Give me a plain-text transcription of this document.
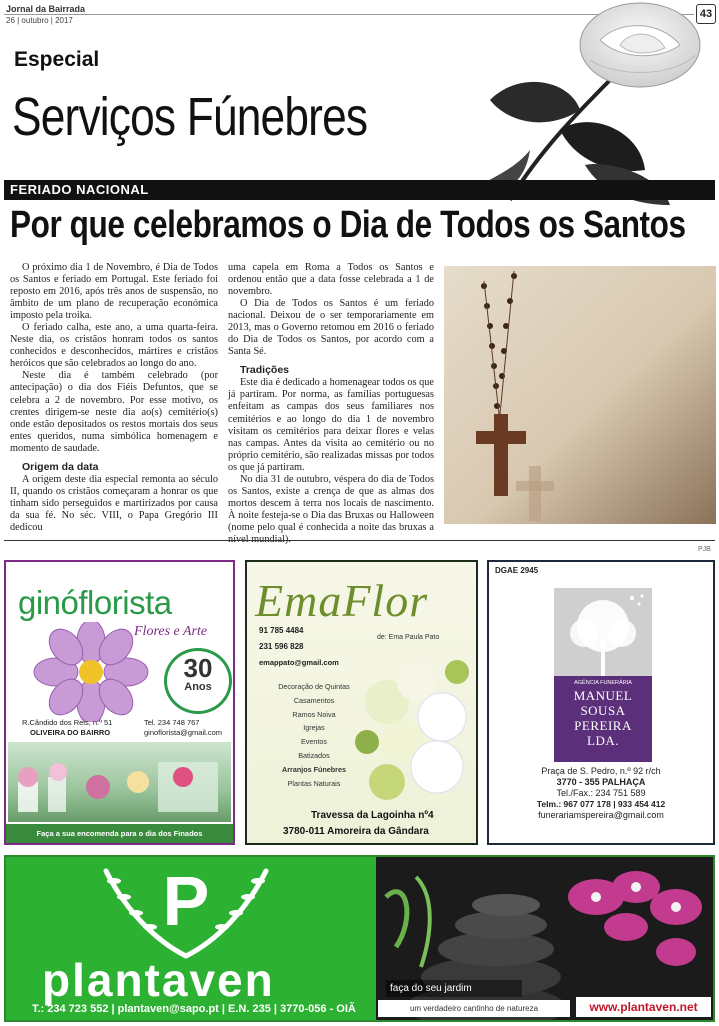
Jornal da Bairrada
26 | outubro | 2017
43
Especial
Serviços Fúnebres
FERIADO NACIONAL
Por que celebramos o Dia de Todos os Santos

O próximo dia 1 de Novembro, é Dia de Todos os Santos e feriado em Portugal. Este feriado foi reposto em 2016, após três anos de suspensão, no âmbito de um plano de recuperação económica imposto pela troika.

O feriado calha, este ano, a uma quarta-feira. Neste dia, os cristãos honram todos os santos conhecidos e desconhecidos, mártires e cristãos heróicos que são celebrados ao longo do ano.

Neste dia é também celebrado (por antecipação) o dia dos Fiéis Defuntos, que se celebra a 2 de novembro. Por esse motivo, os crentes dirigem-se neste dia ao(s) cemitério(s) onde estão depositados os restos mortais dos seus entes queridos, numa simbólica homenagem e momento de saudade.

Origem da data

A origem deste dia especial remonta ao século II, quando os cristãos começaram a honrar os que tinham sido perseguidos e martirizados por causa da sua fé. No séc. VIII, o Papa Gregório III dedicou

uma capela em Roma a Todos os Santos e ordenou então que a data fosse celebrada a 1 de novembro.

O Dia de Todos os Santos é um feriado nacional. Deixou de o ser temporariamente em 2013, mas o Governo retomou em 2016 o feriado do Dia de Todos os Santos, por acordo com a Santa Sé.

Tradições

Este dia é dedicado a homenagear todos os que já partiram. Por norma, as famílias portuguesas enfeitam as campas dos seus familiares nos cemitérios e ao longo do dia 1 de novembro visitam os cemitérios para deixar flores e velas nas campas. Antes da visita ao cemitério ou no próprio cemitério, são realizadas missas por todos os que já partiram.

No dia 31 de outubro, véspera do dia de Todos os Santos, existe a crença de que as almas dos mortos descem à terra nos locais de nascimento. À noite festeja-se o Dia das Bruxas ou Halloween (nome pelo qual é conhecida a noite das bruxas a nível mundial).

PJB
ginóflorista
Flores e Arte
30
Anos
R.Cândido dos Reis, n.º 51
OLIVEIRA DO BAIRRO
Tel. 234 748 767
ginoflorista@gmail.com
Faça a sua encomenda para o dia dos Finados
EmaFlor
91 785 4484
231 596 828
de: Ema Paula Pato
emappato@gmail.com
Decoração de Quintas
Casamentos
Ramos Noiva
Igrejas
Eventos
Batizados
Arranjos Fúnebres
Plantas Naturais
Travessa da Lagoinha nº4
3780-011 Amoreira da Gândara
DGAE 2945
AGÊNCIA FUNERÁRIA
MANUEL
SOUSA
PEREIRA
LDA.
Praça de S. Pedro, n.º 92 r/ch
3770 - 355 PALHAÇA
Tel./Fax.: 234 751 589
Telm.: 967 077 178 | 933 454 412
funerariamspereira@gmail.com
P
plantaven
T.: 234 723 552 | plantaven@sapo.pt | E.N. 235 | 3770-056 - OIÃ
faça do seu jardim
um verdadeiro cantinho de natureza	www.plantaven.net
